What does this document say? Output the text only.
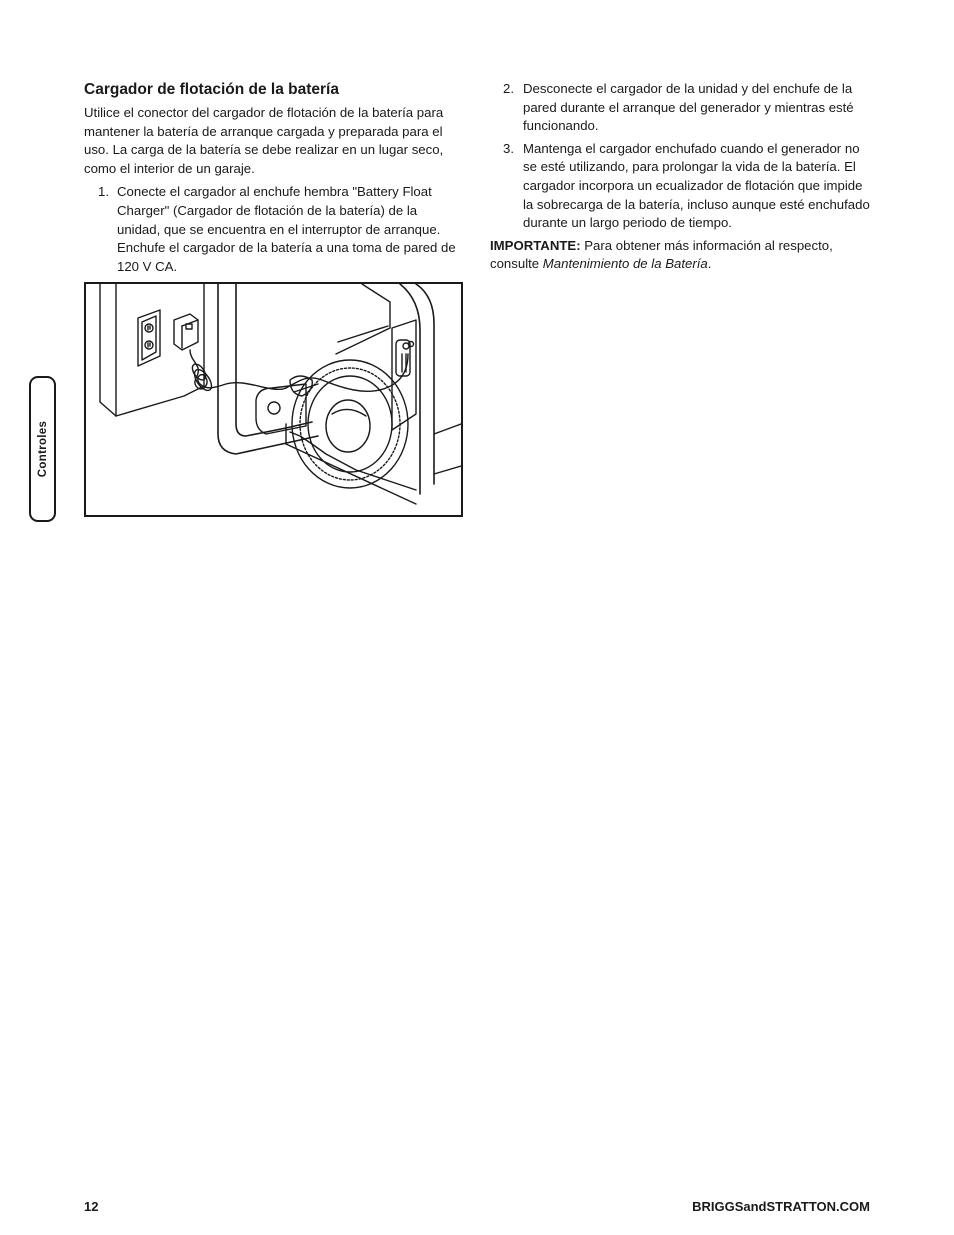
Controles
Cargador de flotación de la batería

Utilice el conector del cargador de flotación de la batería para mantener la batería de arranque cargada y preparada para el uso. La carga de la batería se debe realizar en un lugar seco, como el interior de un garaje.

1. Conecte el cargador al enchufe hembra "Battery Float Charger" (Cargador de flotación de la batería) de la unidad, que se encuentra en el interruptor de arranque. Enchufe el cargador de la batería a una toma de pared de 120 V CA.
2. Desconecte el cargador de la unidad y del enchufe de la pared durante el arranque del generador y mientras esté funcionando.
3. Mantenga el cargador enchufado cuando el generador no se esté utilizando, para prolongar la vida de la batería. El cargador incorpora un ecualizador de flotación que impide la sobrecarga de la batería, incluso aunque esté enchufado durante un largo periodo de tiempo.

IMPORTANTE: Para obtener más información al respecto, consulte Mantenimiento de la Batería.

12	BRIGGSandSTRATTON.COM
